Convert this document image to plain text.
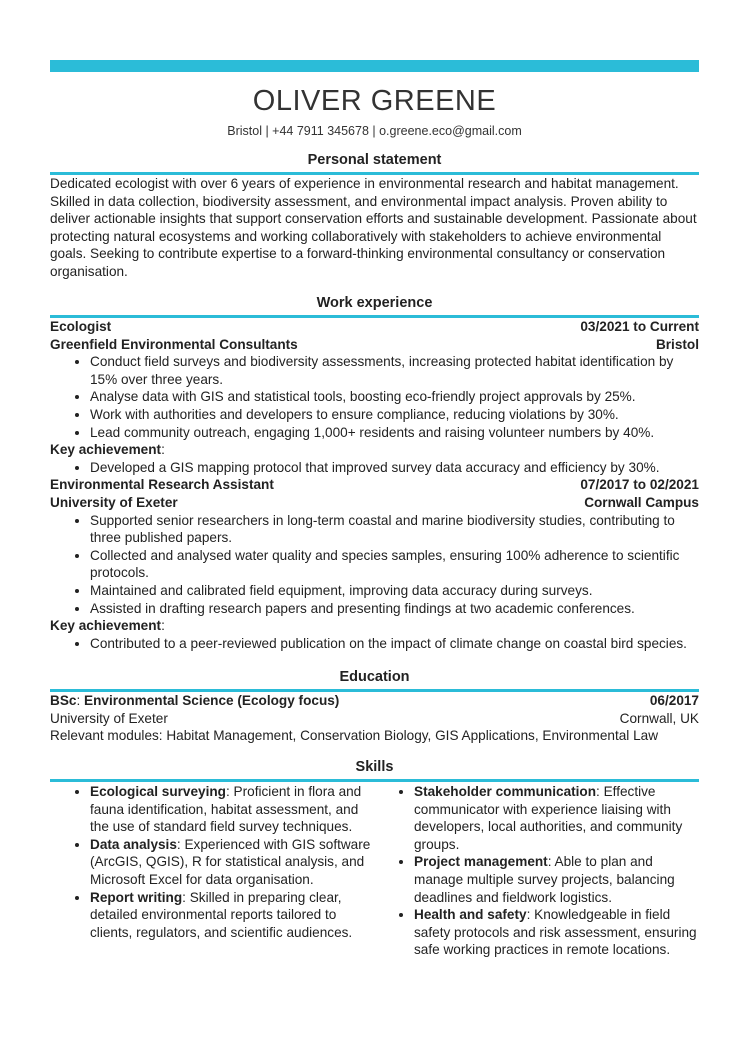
OLIVER GREENE
Bristol | +44 7911 345678 | o.greene.eco@gmail.com
Personal statement

Dedicated ecologist with over 6 years of experience in environmental research and habitat management. Skilled in data collection, biodiversity assessment, and environmental impact analysis. Proven ability to deliver actionable insights that support conservation efforts and sustainable development. Passionate about protecting natural ecosystems and working collaboratively with stakeholders to achieve environmental goals. Seeking to contribute expertise to a forward-thinking environmental consultancy or conservation organisation.

Work experience
Ecologist	03/2021 to Current
Greenfield Environmental Consultants	Bristol
• Conduct field surveys and biodiversity assessments, increasing protected habitat identification by 15% over three years.
• Analyse data with GIS and statistical tools, boosting eco-friendly project approvals by 25%.
• Work with authorities and developers to ensure compliance, reducing violations by 30%.
• Lead community outreach, engaging 1,000+ residents and raising volunteer numbers by 40%.
Key achievement:
• Developed a GIS mapping protocol that improved survey data accuracy and efficiency by 30%.
Environmental Research Assistant	07/2017 to 02/2021
University of Exeter	Cornwall Campus
• Supported senior researchers in long-term coastal and marine biodiversity studies, contributing to three published papers.
• Collected and analysed water quality and species samples, ensuring 100% adherence to scientific protocols.
• Maintained and calibrated field equipment, improving data accuracy during surveys.
• Assisted in drafting research papers and presenting findings at two academic conferences.
Key achievement:
• Contributed to a peer-reviewed publication on the impact of climate change on coastal bird species.
Education
BSc: Environmental Science (Ecology focus)	06/2017
University of Exeter	Cornwall, UK
Relevant modules: Habitat Management, Conservation Biology, GIS Applications, Environmental Law
Skills
• Ecological surveying: Proficient in flora and fauna identification, habitat assessment, and the use of standard field survey techniques.
• Data analysis: Experienced with GIS software (ArcGIS, QGIS), R for statistical analysis, and Microsoft Excel for data organisation.
• Report writing: Skilled in preparing clear, detailed environmental reports tailored to clients, regulators, and scientific audiences.
• Stakeholder communication: Effective communicator with experience liaising with developers, local authorities, and community groups.
• Project management: Able to plan and manage multiple survey projects, balancing deadlines and fieldwork logistics.
• Health and safety: Knowledgeable in field safety protocols and risk assessment, ensuring safe working practices in remote locations.
